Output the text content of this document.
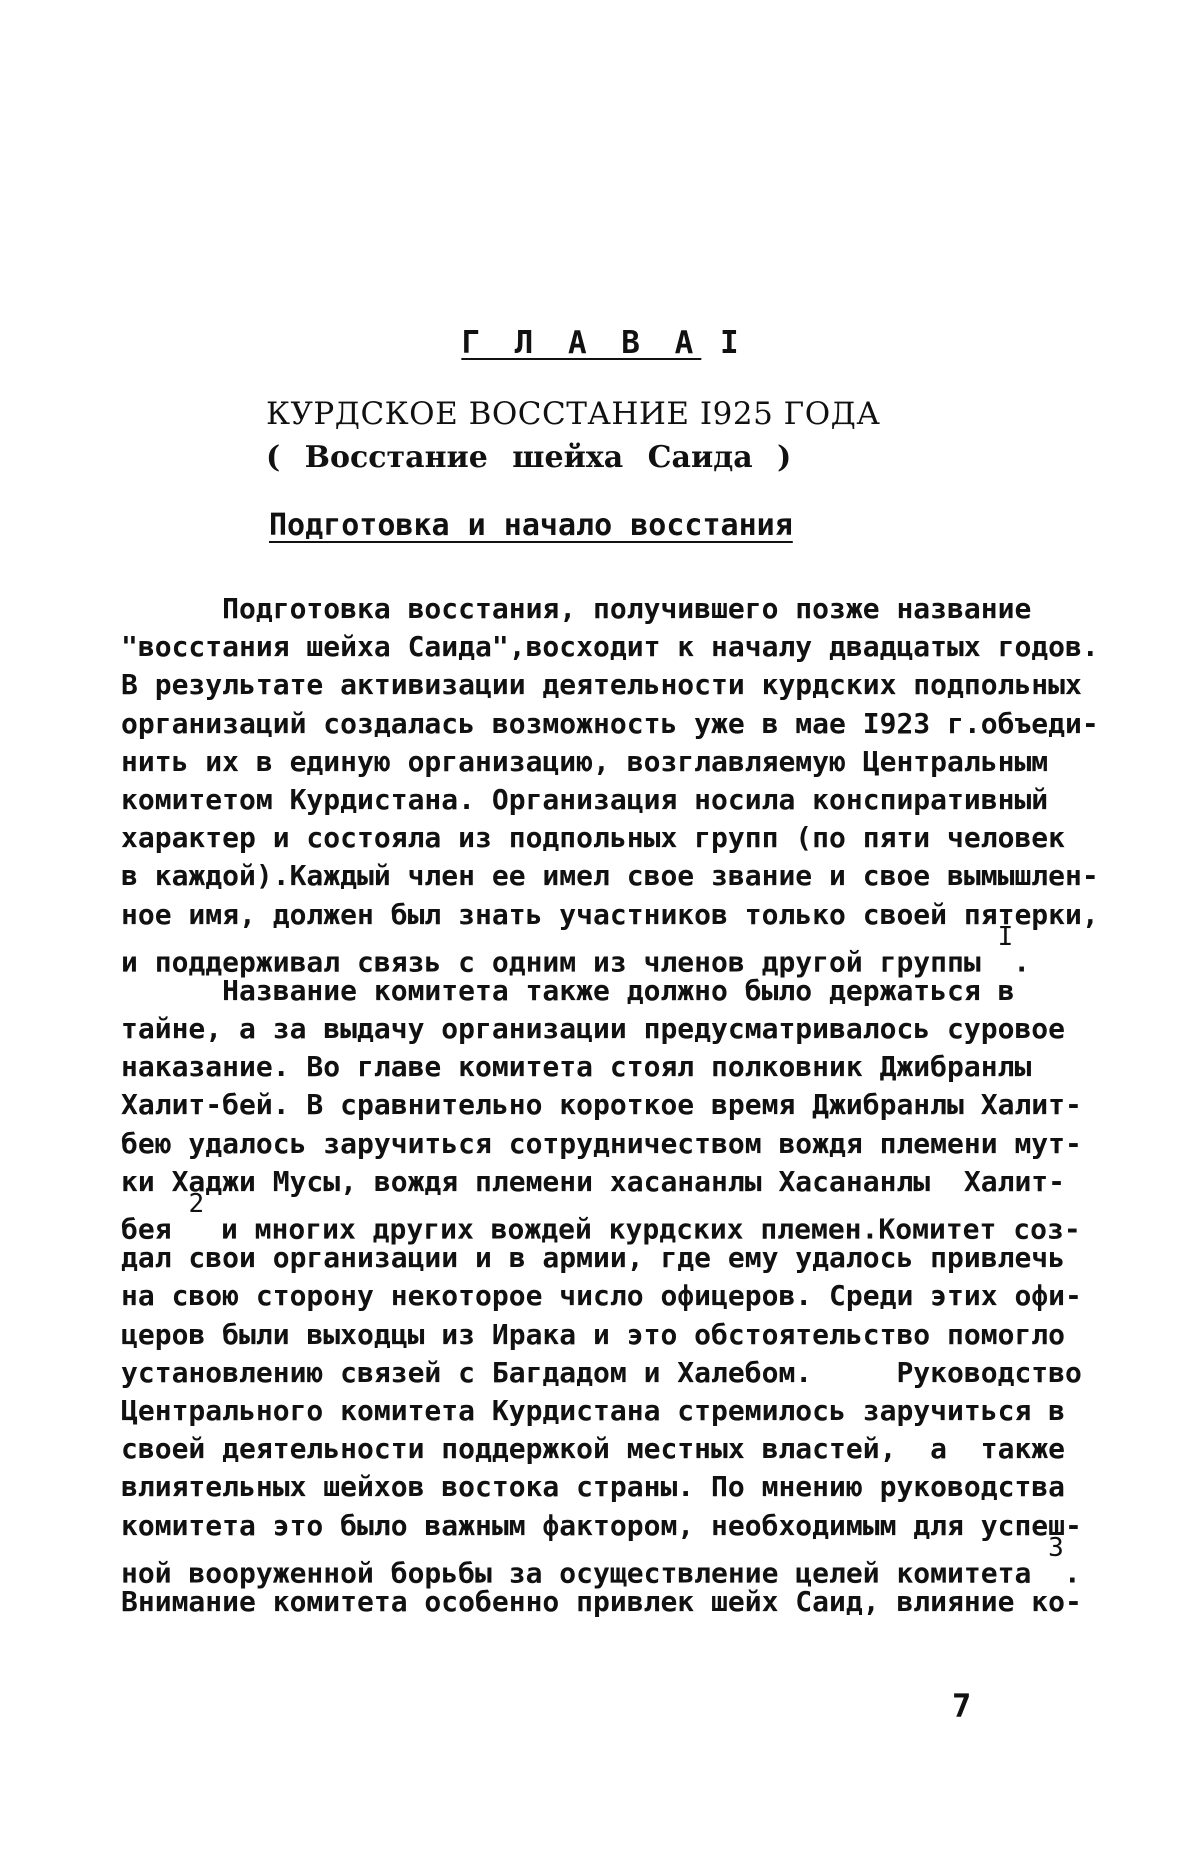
Г Л А В А I
КУРДСКОЕ ВОССТАНИЕ I925 ГОДА
( Восстание шейха Саида )
Подготовка и начало восстания
Подготовка восстания, получившего позже название
"восстания шейха Саида",восходит к началу двадцатых годов.
В результате активизации деятельности курдских подпольных
организаций создалась возможность уже в мае I923 г.объеди-
нить их в единую организацию, возглавляемую Центральным
комитетом Курдистана. Организация носила конспиративный
характер и состояла из подпольных групп (по пяти человек
в каждой).Каждый член ее имел свое звание и свое вымышлен-
ное имя, должен был знать участников только своей пятерки,
и поддерживал связь с одним из членов другой группы $^I$.
Название комитета также должно было держаться в
тайне, а за выдачу организации предусматривалось суровое
наказание. Во главе комитета стоял полковник Джибранлы
Халит-бей. В сравнительно короткое время Джибранлы Халит-
бею удалось заручиться сотрудничеством вождя племени мут-
ки Хаджи Мусы, вождя племени хасананлы Хасананлы  Халит-
бея $^2$ и многих других вождей курдских племен.Комитет соз-
дал свои организации и в армии, где ему удалось привлечь
на свою сторону некоторое число офицеров. Среди этих офи-
церов были выходцы из Ирака и это обстоятельство помогло
установлению связей с Багдадом и Халебом.     Руководство
Центрального комитета Курдистана стремилось заручиться в
своей деятельности поддержкой местных властей,  а  также
влиятельных шейхов востока страны. По мнению руководства
комитета это было важным фактором, необходимым для успеш-
ной вооруженной борьбы за осуществление целей комитета $^3$.
Внимание комитета особенно привлек шейх Саид, влияние ко-
7
